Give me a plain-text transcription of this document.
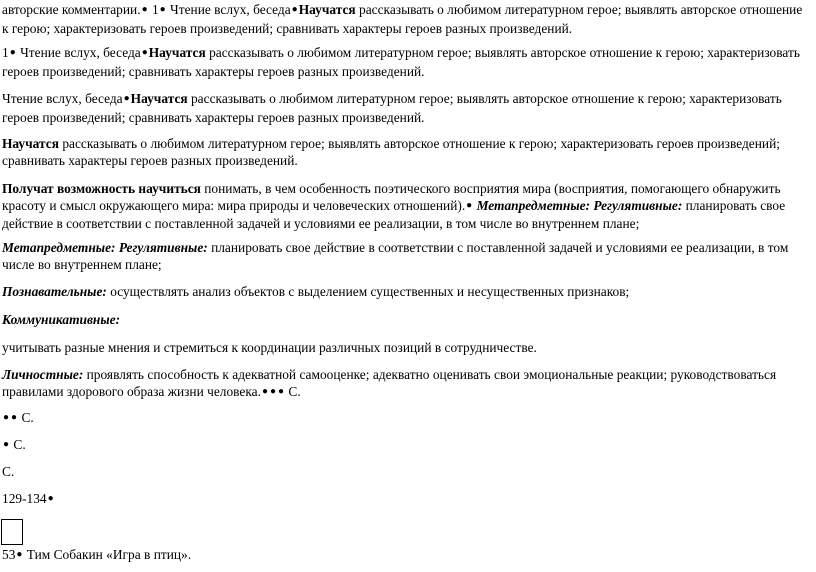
авторские комментарии.● 1● Чтение вслух, беседа●Научатся рассказывать о любимом литературном герое; выявлять авторское отношение к герою; характеризовать героев произведений; сравнивать характеры героев разных произведений.

1● Чтение вслух, беседа●Научатся рассказывать о любимом литературном герое; выявлять авторское отношение к герою; характеризовать героев произведений; сравнивать характеры героев разных произведений.

Чтение вслух, беседа●Научатся рассказывать о любимом литературном герое; выявлять авторское отношение к герою; характеризовать героев произведений; сравнивать характеры героев разных произведений.

Научатся рассказывать о любимом литературном герое; выявлять авторское отношение к герою; характеризовать героев произведений; сравнивать характеры героев разных произведений.

Получат возможность научиться понимать, в чем особенность поэтического восприятия мира (восприятия, помогающего обнаружить красоту и смысл окружающего мира: мира природы и человеческих отношений).● Метапредметные: Регулятивные: планировать свое действие в соответствии с поставленной задачей и условиями ее реализации, в том числе во внутреннем плане;

Метапредметные: Регулятивные: планировать свое действие в соответствии с поставленной задачей и условиями ее реализации, в том числе во внутреннем плане;

Познавательные: осуществлять анализ объектов с выделением существенных и несущественных признаков;

Коммуникативные:

учитывать разные мнения и стремиться к координации различных позиций в сотрудничестве.

Личностные: проявлять способность к адекватной самооценке; адекватно оценивать свои эмоциональные реакции; руководствоваться правилами здорового образа жизни человека.● ● ● С.

● ● С.

● С.

С.

129-134●

53● Тим Собакин «Игра в птиц».
